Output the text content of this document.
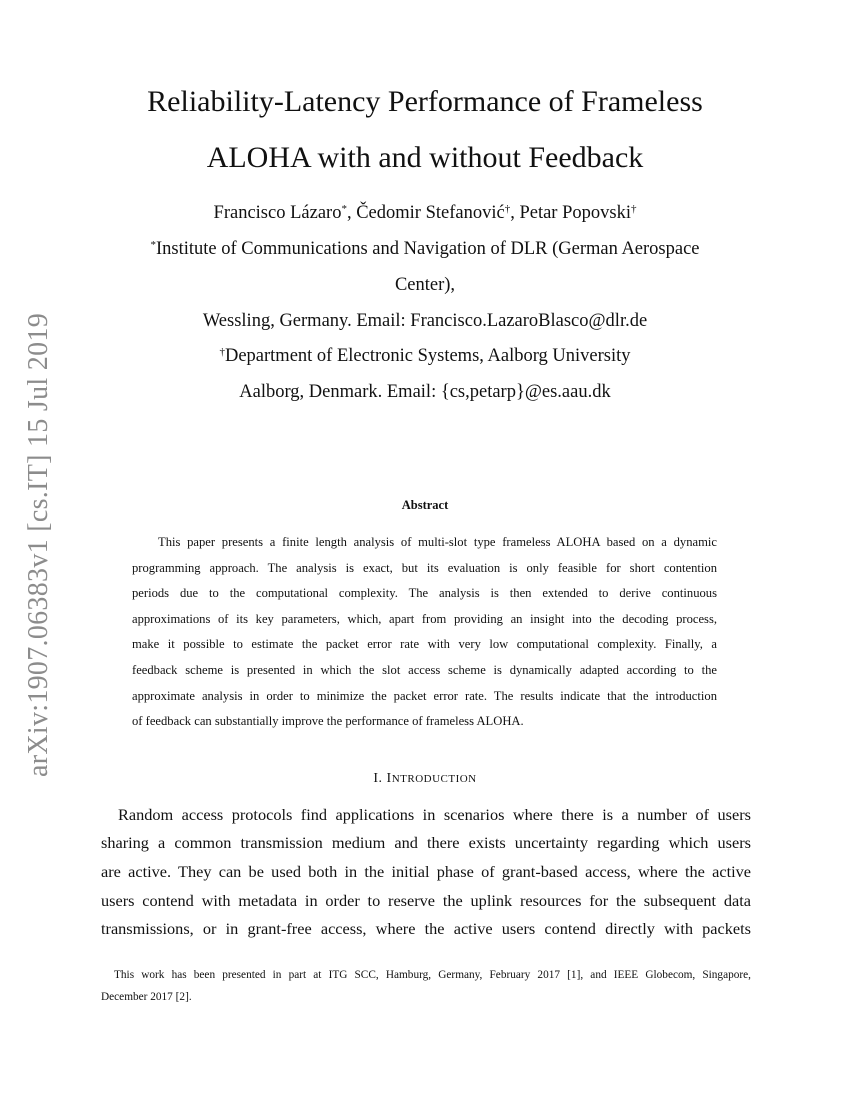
arXiv:1907.06383v1 [cs.IT] 15 Jul 2019
Reliability-Latency Performance of Frameless
ALOHA with and without Feedback
Francisco Lázaro*, Čedomir Stefanović†, Petar Popovski†
*Institute of Communications and Navigation of DLR (German Aerospace
Center),
Wessling, Germany. Email: Francisco.LazaroBlasco@dlr.de
†Department of Electronic Systems, Aalborg University
Aalborg, Denmark. Email: {cs,petarp}@es.aau.dk
Abstract
This paper presents a finite length analysis of multi-slot type frameless ALOHA based on a dynamic
programming approach. The analysis is exact, but its evaluation is only feasible for short contention
periods due to the computational complexity. The analysis is then extended to derive continuous
approximations of its key parameters, which, apart from providing an insight into the decoding process,
make it possible to estimate the packet error rate with very low computational complexity. Finally, a
feedback scheme is presented in which the slot access scheme is dynamically adapted according to the
approximate analysis in order to minimize the packet error rate. The results indicate that the introduction
of feedback can substantially improve the performance of frameless ALOHA.
I. INTRODUCTION
Random access protocols find applications in scenarios where there is a number of users
sharing a common transmission medium and there exists uncertainty regarding which users
are active. They can be used both in the initial phase of grant-based access, where the active
users contend with metadata in order to reserve the uplink resources for the subsequent data
transmissions, or in grant-free access, where the active users contend directly with packets
This work has been presented in part at ITG SCC, Hamburg, Germany, February 2017 [1], and IEEE Globecom, Singapore,
December 2017 [2].
